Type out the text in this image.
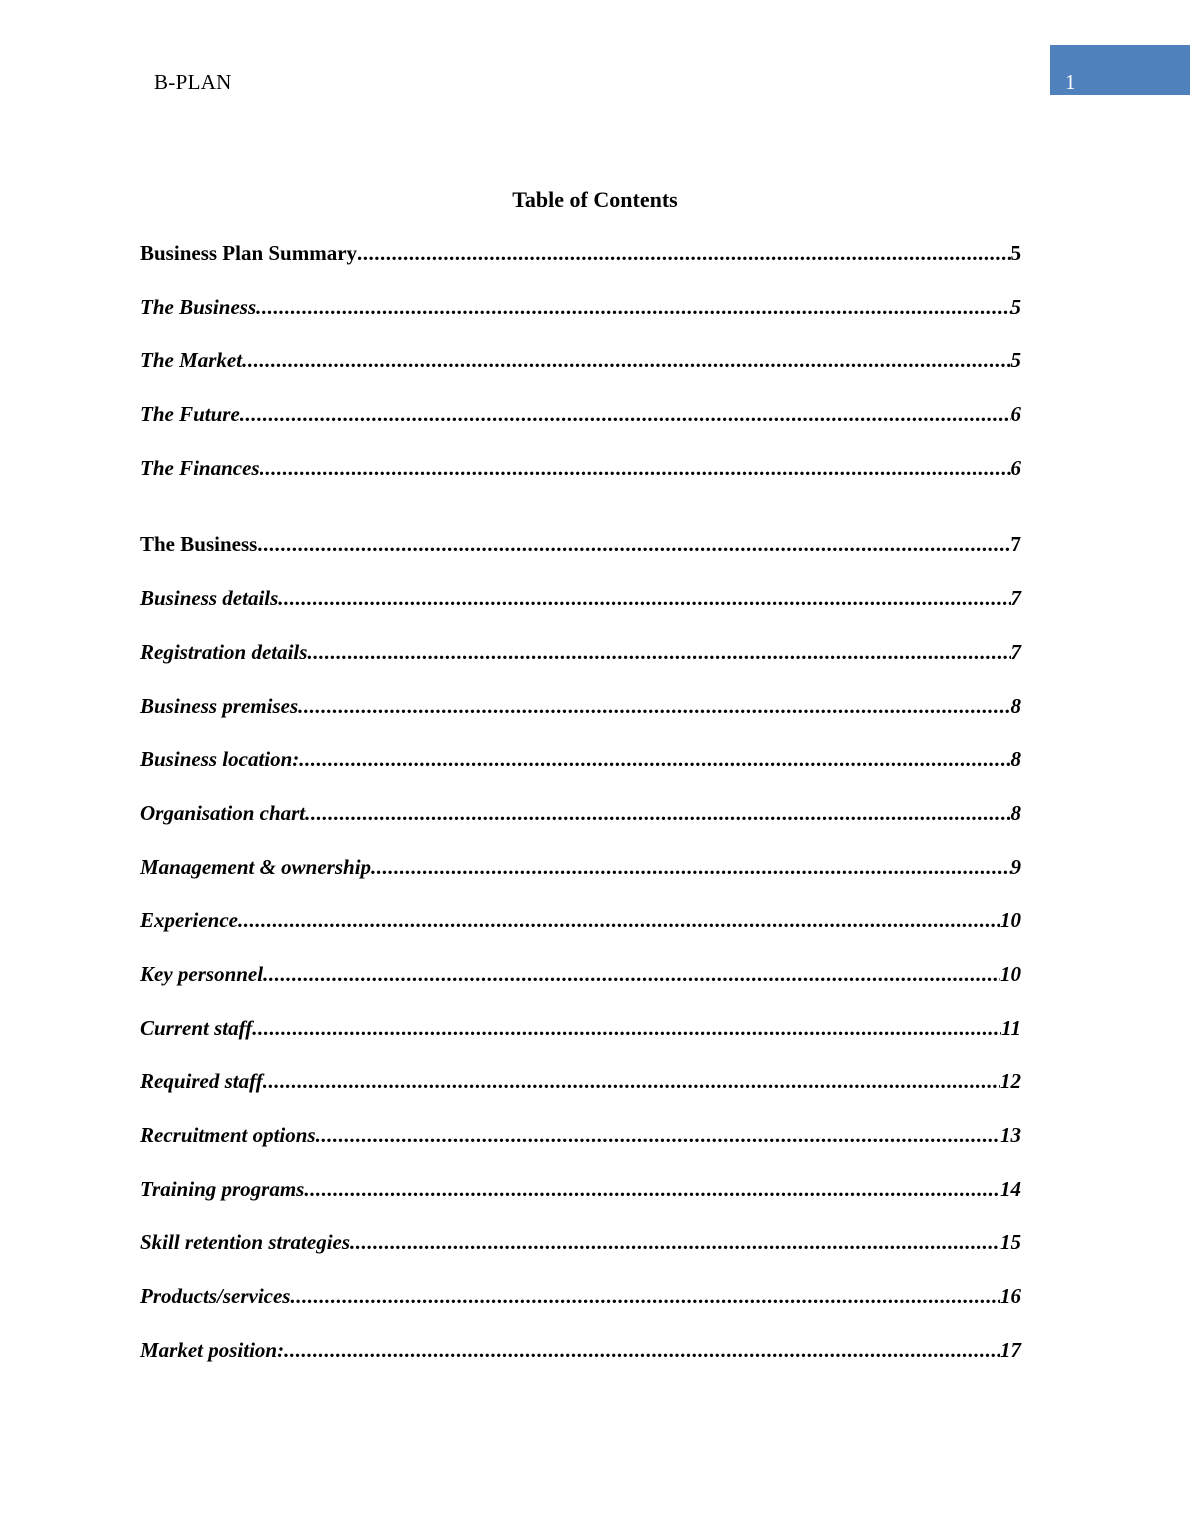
B-PLAN	1
Table of Contents
Business Plan Summary .....	5
The Business .....	5
The Market .....	5
The Future .....	6
The Finances .....	6
The Business .....	7
Business details .....	7
Registration details .....	7
Business premises .....	8
Business location: .....	8
Organisation chart .....	8
Management & ownership .....	9
Experience .....	10
Key personnel .....	10
Current staff .....	11
Required staff .....	12
Recruitment options .....	13
Training programs .....	14
Skill retention strategies .....	15
Products/services .....	16
Market position: .....	17
